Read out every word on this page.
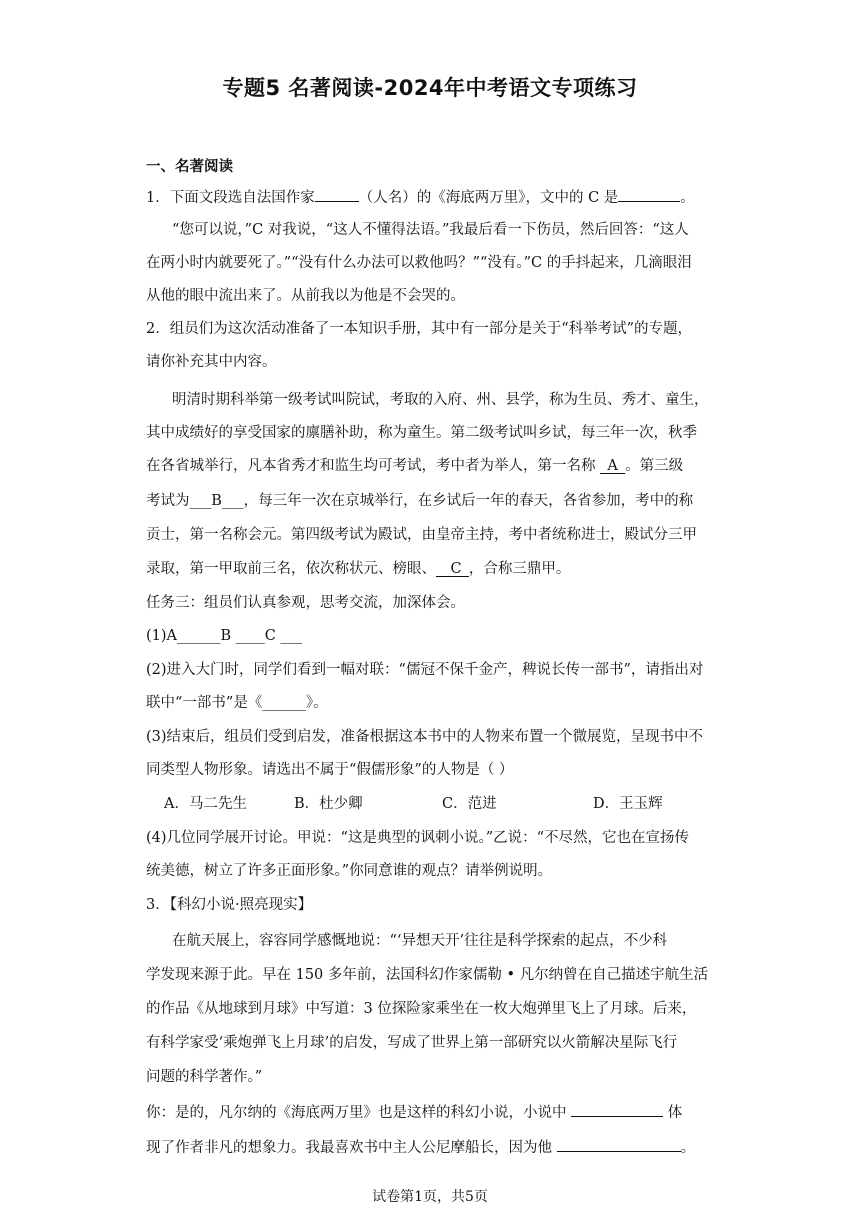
专题5 名著阅读-2024年中考语文专项练习
一、名著阅读
1．下面文段选自法国作家	（人名）的《海底两万里》，文中的 C 是	。
“您可以说，”C 对我说，“这人不懂得法语。”我最后看一下伤员，然后回答：“这人
在两小时内就要死了。”“没有什么办法可以救他吗？”“没有。”C 的手抖起来，几滴眼泪
从他的眼中流出来了。从前我以为他是不会哭的。
2．组员们为这次活动准备了一本知识手册，其中有一部分是关于“科举考试”的专题，
请你补充其中内容。
明清时期科举第一级考试叫院试，考取的入府、州、县学，称为生员、秀才、童生，
其中成绩好的享受国家的廪膳补助，称为童生。第二级考试叫乡试，每三年一次，秋季
在各省城举行，凡本省秀才和监生均可考试，考中者为举人，第一名称 _A_。第三级
考试为___B___，每三年一次在京城举行，在乡试后一年的春天，各省参加，考中的称
贡士，第一名称会元。第四级考试为殿试，由皇帝主持，考中者统称进士，殿试分三甲
录取，第一甲取前三名，依次称状元、榜眼、__C_，合称三鼎甲。
任务三：组员们认真参观，思考交流，加深体会。
(1)A______B ____C ___
(2)进入大门时，同学们看到一幅对联：“儒冠不保千金产，稗说长传一部书”，请指出对
联中“一部书”是《______》。
(3)结束后，组员们受到启发，准备根据这本书中的人物来布置一个微展览，呈现书中不
同类型人物形象。请选出不属于“假儒形象”的人物是（ ）
A．马二先生	B．杜少卿	C．范进	D．王玉辉
(4)几位同学展开讨论。甲说：“这是典型的讽刺小说。”乙说：“不尽然，它也在宣扬传
统美德，树立了许多正面形象。”你同意谁的观点？请举例说明。
3．【科幻小说·照亮现实】
在航天展上，容容同学感慨地说：“‘异想天开’往往是科学探索的起点，不少科
学发现来源于此。早在 150 多年前，法国科幻作家儒勒 • 凡尔纳曾在自己描述宇航生活
的作品《从地球到月球》中写道：3 位探险家乘坐在一枚大炮弹里飞上了月球。后来，
有科学家受‘乘炮弹飞上月球’的启发，写成了世界上第一部研究以火箭解决星际飞行
问题的科学著作。”
你：是的，凡尔纳的《海底两万里》也是这样的科幻小说，小说中	体
现了作者非凡的想象力。我最喜欢书中主人公尼摩船长，因为他	。
试卷第1页，共5页
